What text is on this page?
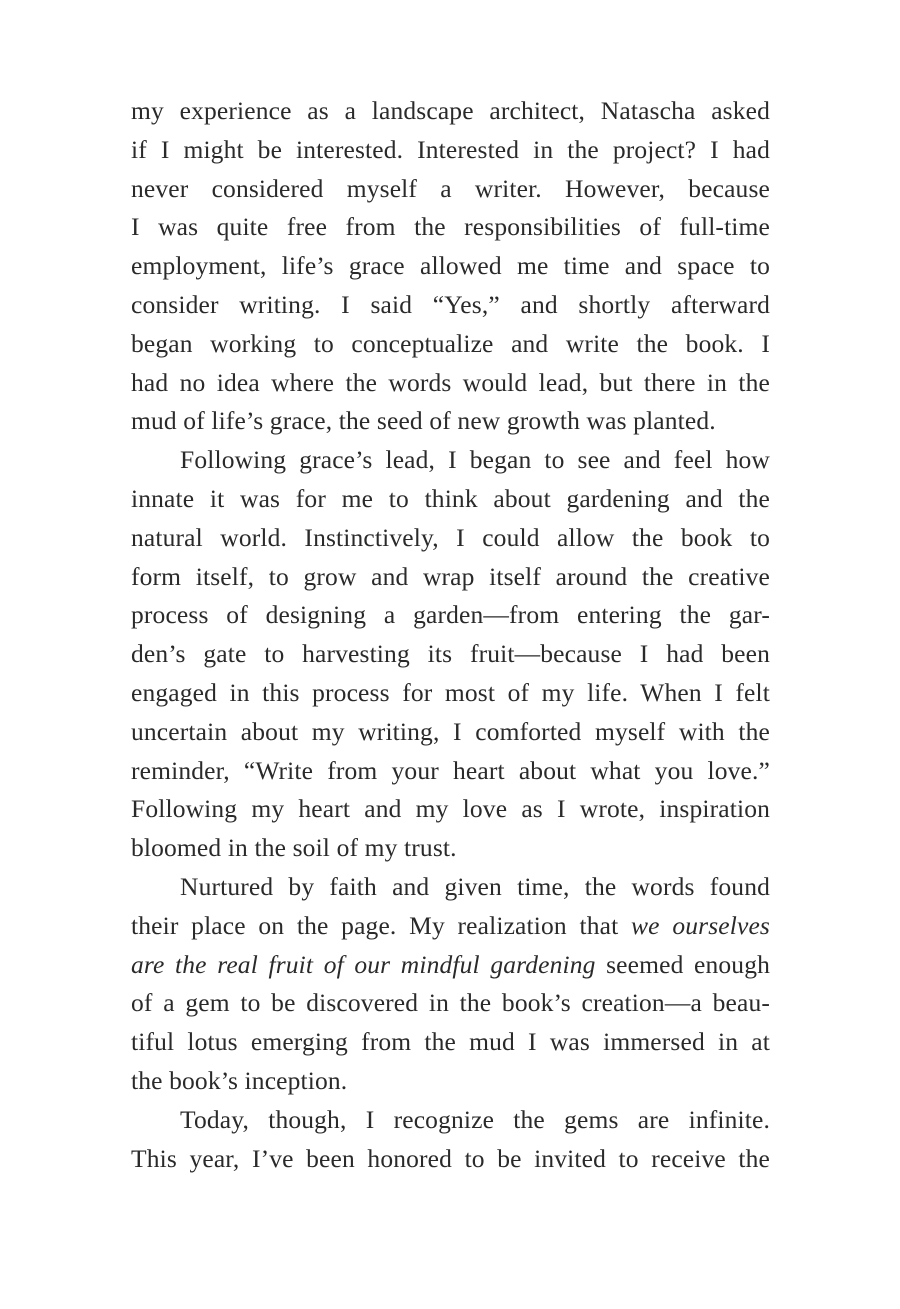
my experience as a landscape architect, Natascha asked
if I might be interested. Interested in the project? I had
never considered myself a writer. However, because
I was quite free from the responsibilities of full-time
employment, life’s grace allowed me time and space to
consider writing. I said “Yes,” and shortly afterward
began working to conceptualize and write the book. I
had no idea where the words would lead, but there in the
mud of life’s grace, the seed of new growth was planted.
Following grace’s lead, I began to see and feel how
innate it was for me to think about gardening and the
natural world. Instinctively, I could allow the book to
form itself, to grow and wrap itself around the creative
process of designing a garden—from entering the gar-
den’s gate to harvesting its fruit—because I had been
engaged in this process for most of my life. When I felt
uncertain about my writing, I comforted myself with the
reminder, “Write from your heart about what you love.”
Following my heart and my love as I wrote, inspiration
bloomed in the soil of my trust.
Nurtured by faith and given time, the words found
their place on the page. My realization that we ourselves
are the real fruit of our mindful gardening seemed enough
of a gem to be discovered in the book’s creation—a beau-
tiful lotus emerging from the mud I was immersed in at
the book’s inception.
Today, though, I recognize the gems are infinite.
This year, I’ve been honored to be invited to receive the
